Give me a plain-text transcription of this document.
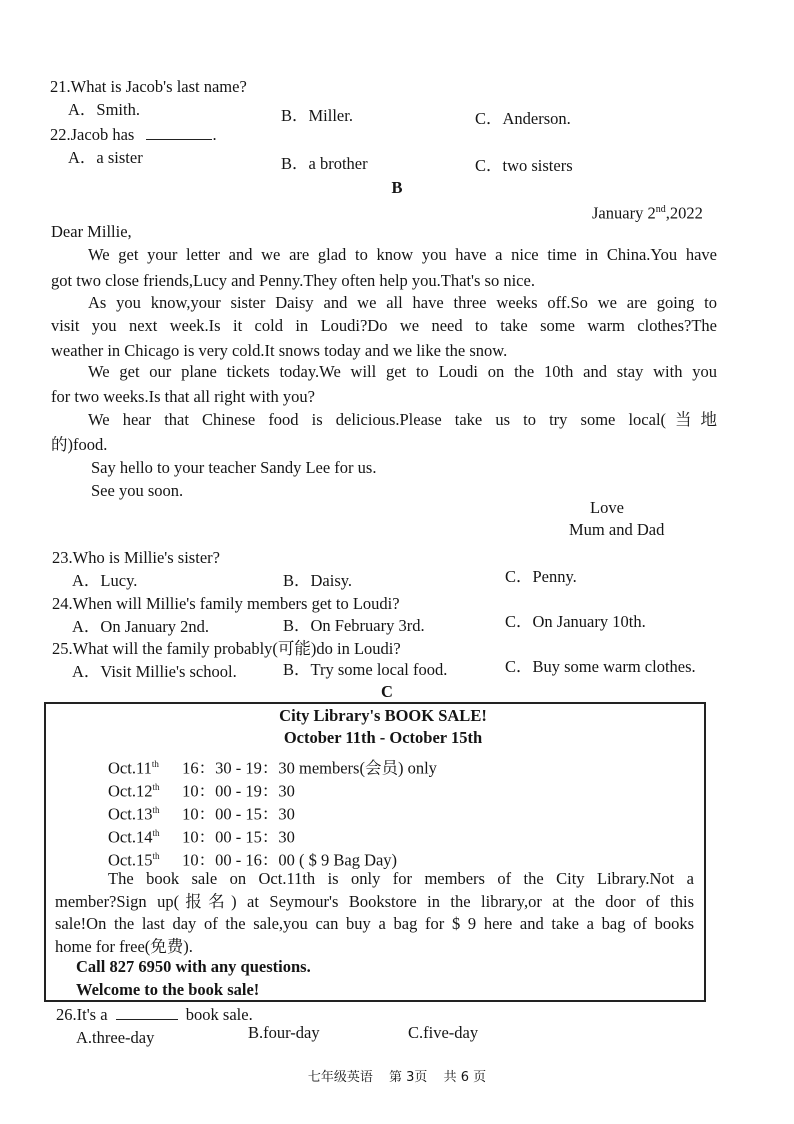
21.What is Jacob's last name?
A．Smith.	B．Miller.	C．Anderson.
22.Jacob has	.
A．a sister	B．a brother	C．two sisters
B
January 2nd,2022
Dear Millie,
We get your letter and we are glad to know you have a nice time in China.You have
got two close friends,Lucy and Penny.They often help you.That's so nice.
As you know,your sister Daisy and we all have three weeks off.So we are going to
visit you next week.Is it cold in Loudi?Do we need to take some warm clothes?The
weather in Chicago is very cold.It snows today and we like the snow.
We get our plane tickets today.We will get to Loudi on the 10th and stay with you
for two weeks.Is that all right with you?
We hear that Chinese food is delicious.Please take us to try some local(当地
的)food.
Say hello to your teacher Sandy Lee for us.
See you soon.
Love
Mum and Dad
23.Who is Millie's sister?
A．Lucy.	B．Daisy.	C．Penny.
24.When will Millie's family members get to Loudi?
A．On January 2nd.	B．On February 3rd.	C．On January 10th.
25.What will the family probably(可能)do in Loudi?
A．Visit Millie's school.	B．Try some local food.	C．Buy some warm clothes.
C
City Library's BOOK SALE!
October 11th - October 15th
Oct.11th 16：30 - 19：30 members(会员) only
Oct.12th 10：00 - 19：30
Oct.13th 10：00 - 15：30
Oct.14th 10：00 - 15：30
Oct.15th 10：00 - 16：00 ( $ 9 Bag Day)
The book sale on Oct.11th is only for members of the City Library.Not a
member?Sign up(报名) at Seymour's Bookstore in the library,or at the door of this
sale!On the last day of the sale,you can buy a bag for $ 9 here and take a bag of books
home for free(免费).
Call 827 6950 with any questions.
Welcome to the book sale!
26.It's a	book sale.
A.three-day	B.four-day	C.five-day
七年级英语 第 3页 共 6 页
